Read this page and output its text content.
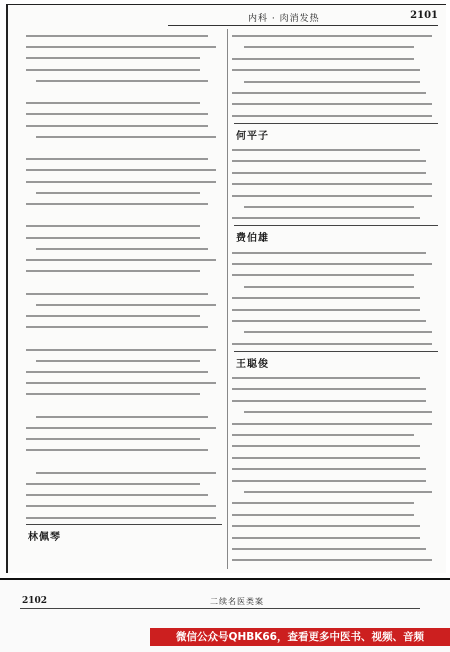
内科 · 肉消发热	2101
林佩琴
何平子
费伯雄
王聪俊
2102	二续名医类案
微信公众号QHBK66，查看更多中医书、视频、音频
